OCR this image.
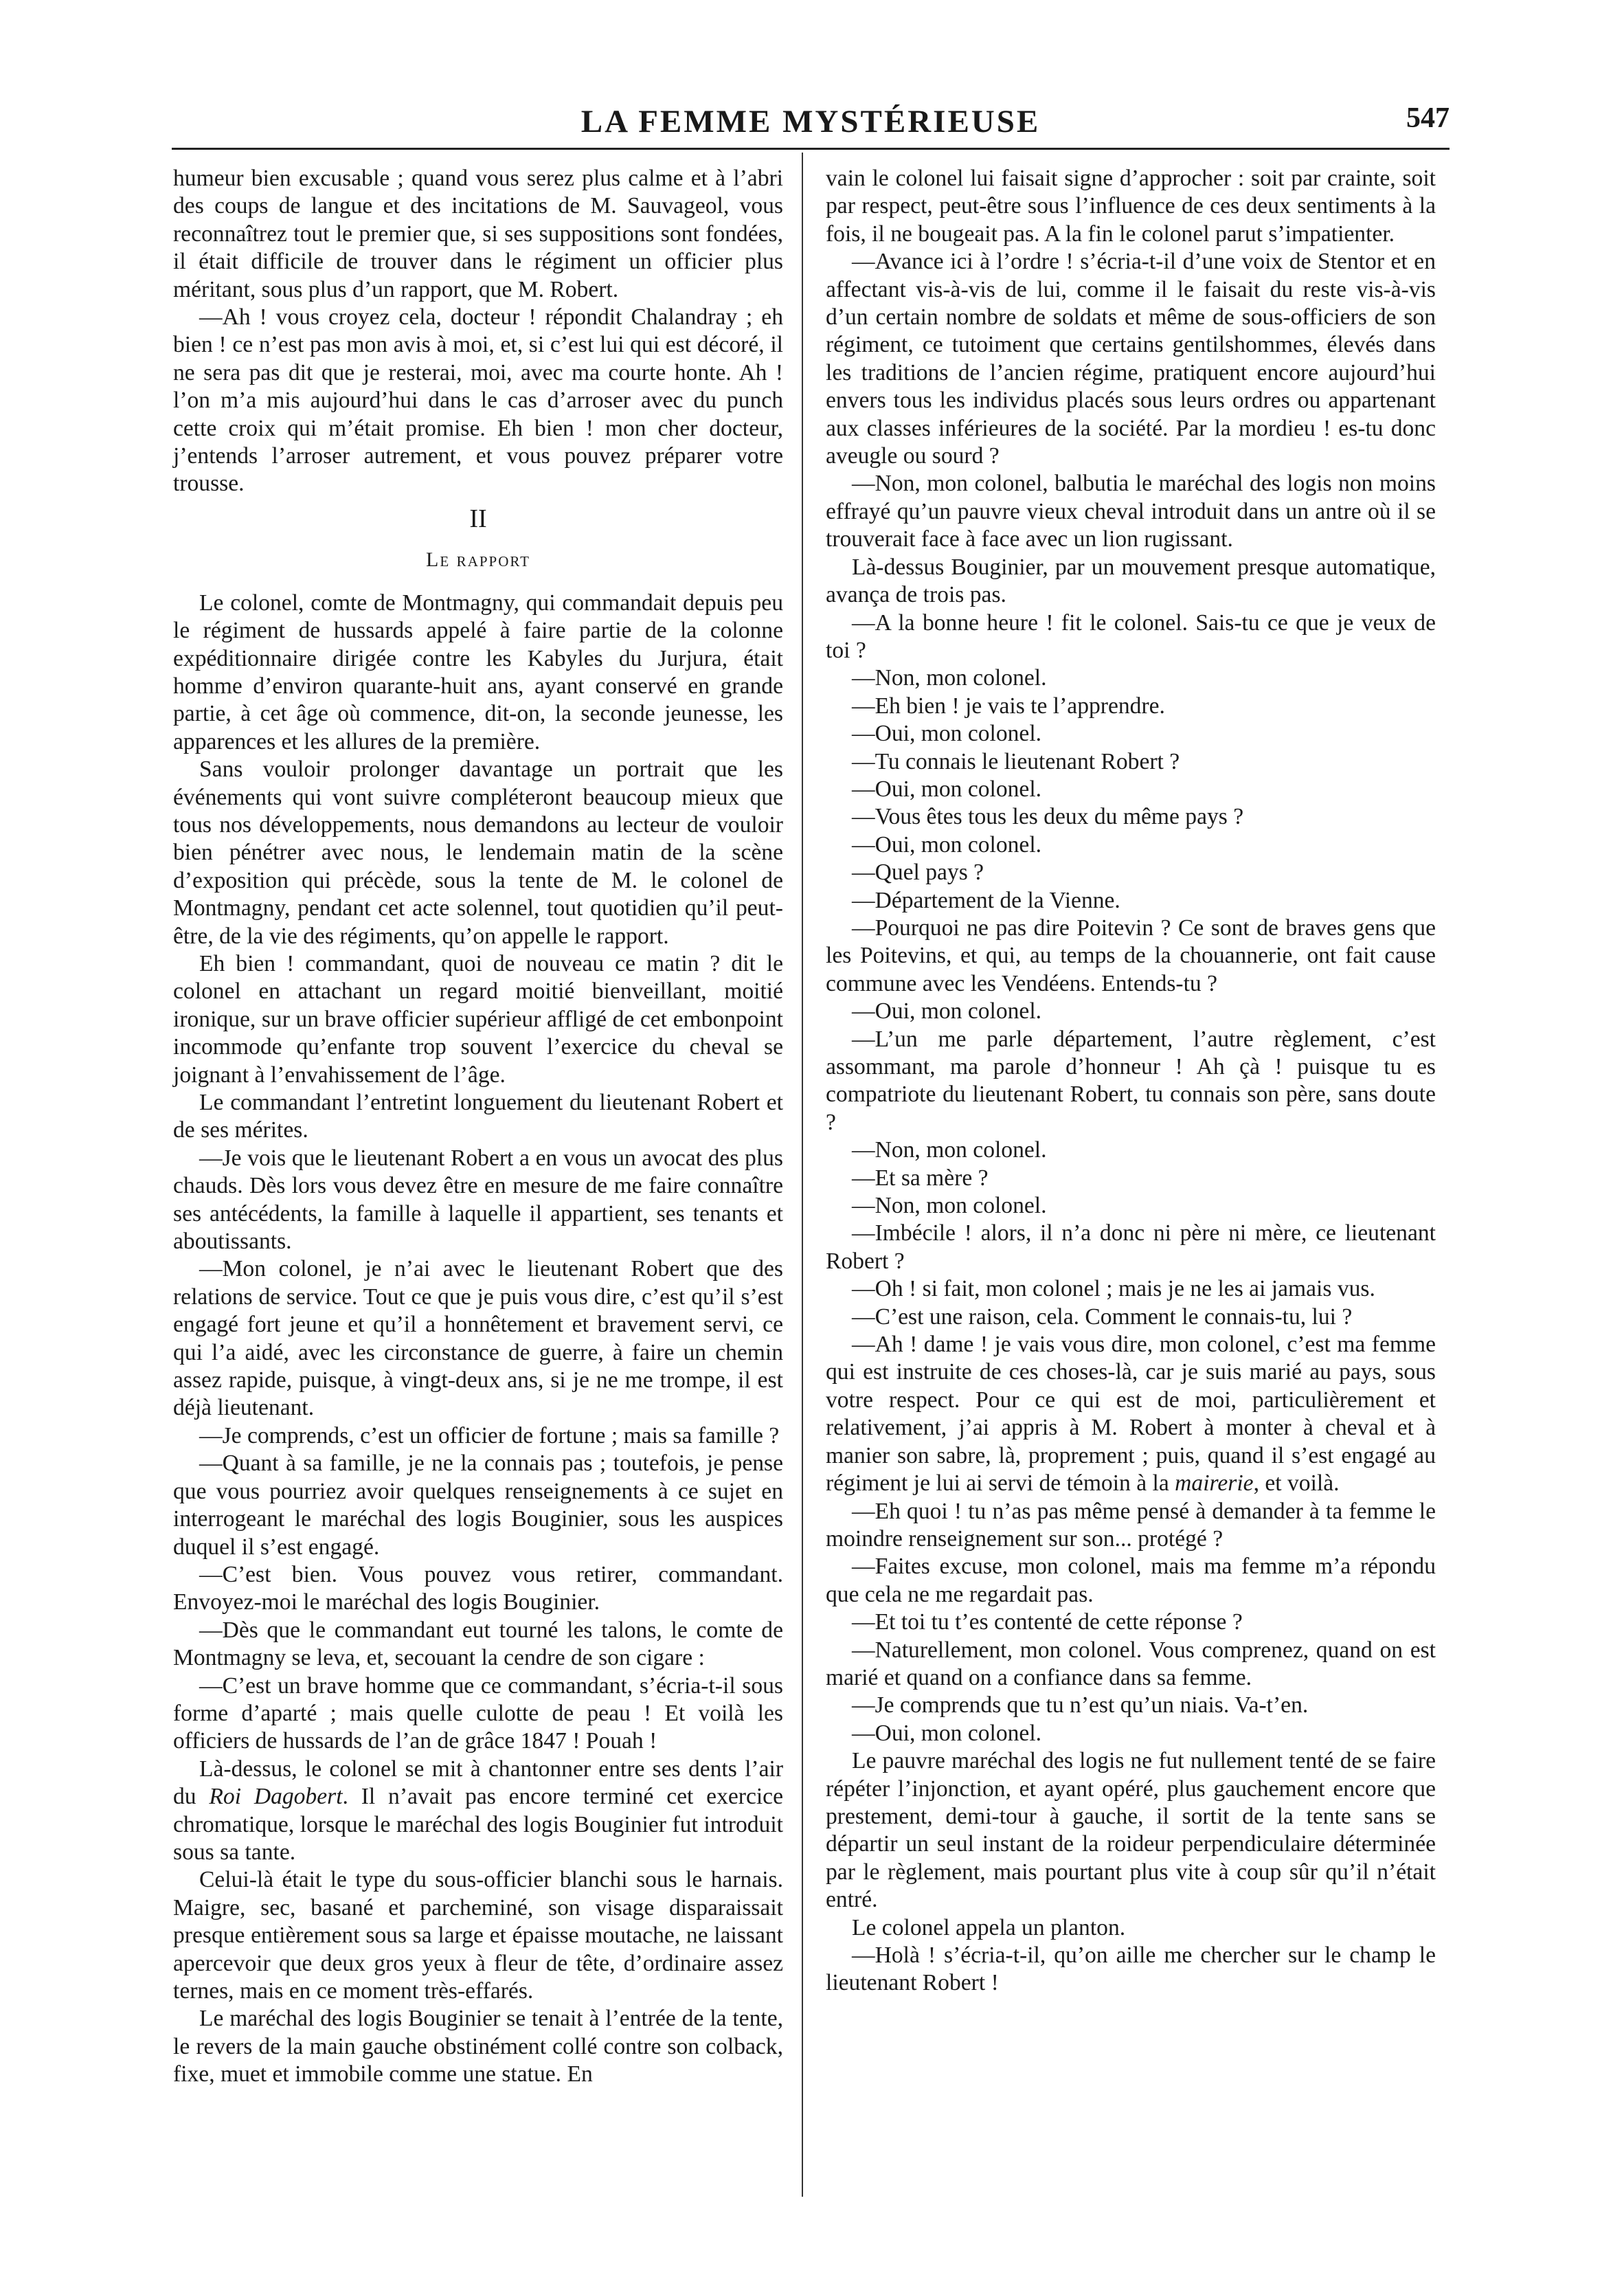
LA FEMME MYSTÉRIEUSE	547

humeur bien excusable ; quand vous serez plus calme et à l’abri des coups de langue et des incitations de M. Sauvageol, vous reconnaîtrez tout le premier que, si ses suppositions sont fondées, il était difficile de trouver dans le régiment un officier plus méritant, sous plus d’un rapport, que M. Robert.

—Ah ! vous croyez cela, docteur ! répondit Chalandray ; eh bien ! ce n’est pas mon avis à moi, et, si c’est lui qui est décoré, il ne sera pas dit que je resterai, moi, avec ma courte honte. Ah ! l’on m’a mis aujourd’hui dans le cas d’arroser avec du punch cette croix qui m’était promise. Eh bien ! mon cher docteur, j’entends l’arroser autrement, et vous pouvez préparer votre trousse.

II
Le rapport

Le colonel, comte de Montmagny, qui commandait depuis peu le régiment de hussards appelé à faire partie de la colonne expéditionnaire dirigée contre les Kabyles du Jurjura, était homme d’environ quarante-huit ans, ayant conservé en grande partie, à cet âge où commence, dit-on, la seconde jeunesse, les apparences et les allures de la première.

Sans vouloir prolonger davantage un portrait que les événements qui vont suivre compléteront beaucoup mieux que tous nos développements, nous demandons au lecteur de vouloir bien pénétrer avec nous, le lendemain matin de la scène d’exposition qui précède, sous la tente de M. le colonel de Montmagny, pendant cet acte solennel, tout quotidien qu’il peut-être, de la vie des régiments, qu’on appelle le rapport.

Eh bien ! commandant, quoi de nouveau ce matin ? dit le colonel en attachant un regard moitié bienveillant, moitié ironique, sur un brave officier supérieur affligé de cet embonpoint incommode qu’enfante trop souvent l’exercice du cheval se joignant à l’envahissement de l’âge.

Le commandant l’entretint longuement du lieutenant Robert et de ses mérites.

—Je vois que le lieutenant Robert a en vous un avocat des plus chauds. Dès lors vous devez être en mesure de me faire connaître ses antécédents, la famille à laquelle il appartient, ses tenants et aboutissants.

—Mon colonel, je n’ai avec le lieutenant Robert que des relations de service. Tout ce que je puis vous dire, c’est qu’il s’est engagé fort jeune et qu’il a honnêtement et bravement servi, ce qui l’a aidé, avec les circonstance de guerre, à faire un chemin assez rapide, puisque, à vingt-deux ans, si je ne me trompe, il est déjà lieutenant.

—Je comprends, c’est un officier de fortune ; mais sa famille ?

—Quant à sa famille, je ne la connais pas ; toutefois, je pense que vous pourriez avoir quelques renseignements à ce sujet en interrogeant le maréchal des logis Bouginier, sous les auspices duquel il s’est engagé.

—C’est bien. Vous pouvez vous retirer, commandant. Envoyez-moi le maréchal des logis Bouginier.

—Dès que le commandant eut tourné les talons, le comte de Montmagny se leva, et, secouant la cendre de son cigare :

—C’est un brave homme que ce commandant, s’écria-t-il sous forme d’aparté ; mais quelle culotte de peau ! Et voilà les officiers de hussards de l’an de grâce 1847 ! Pouah !

Là-dessus, le colonel se mit à chantonner entre ses dents l’air du Roi Dagobert. Il n’avait pas encore terminé cet exercice chromatique, lorsque le maréchal des logis Bouginier fut introduit sous sa tante.

Celui-là était le type du sous-officier blanchi sous le harnais. Maigre, sec, basané et parcheminé, son visage disparaissait presque entièrement sous sa large et épaisse moutache, ne laissant apercevoir que deux gros yeux à fleur de tête, d’ordinaire assez ternes, mais en ce moment très-effarés.

Le maréchal des logis Bouginier se tenait à l’entrée de la tente, le revers de la main gauche obstinément collé contre son colback, fixe, muet et immobile comme une statue. En

vain le colonel lui faisait signe d’approcher : soit par crainte, soit par respect, peut-être sous l’influence de ces deux sentiments à la fois, il ne bougeait pas. A la fin le colonel parut s’impatienter.

—Avance ici à l’ordre ! s’écria-t-il d’une voix de Stentor et en affectant vis-à-vis de lui, comme il le faisait du reste vis-à-vis d’un certain nombre de soldats et même de sous-officiers de son régiment, ce tutoiment que certains gentilshommes, élevés dans les traditions de l’ancien régime, pratiquent encore aujourd’hui envers tous les individus placés sous leurs ordres ou appartenant aux classes inférieures de la société. Par la mordieu ! es-tu donc aveugle ou sourd ?

—Non, mon colonel, balbutia le maréchal des logis non moins effrayé qu’un pauvre vieux cheval introduit dans un antre où il se trouverait face à face avec un lion rugissant.

Là-dessus Bouginier, par un mouvement presque automatique, avança de trois pas.

—A la bonne heure ! fit le colonel. Sais-tu ce que je veux de toi ?

—Non, mon colonel.

—Eh bien ! je vais te l’apprendre.

—Oui, mon colonel.

—Tu connais le lieutenant Robert ?

—Oui, mon colonel.

—Vous êtes tous les deux du même pays ?

—Oui, mon colonel.

—Quel pays ?

—Département de la Vienne.

—Pourquoi ne pas dire Poitevin ? Ce sont de braves gens que les Poitevins, et qui, au temps de la chouannerie, ont fait cause commune avec les Vendéens. Entends-tu ?

—Oui, mon colonel.

—L’un me parle département, l’autre règlement, c’est assommant, ma parole d’honneur ! Ah çà ! puisque tu es compatriote du lieutenant Robert, tu connais son père, sans doute ?

—Non, mon colonel.

—Et sa mère ?

—Non, mon colonel.

—Imbécile ! alors, il n’a donc ni père ni mère, ce lieutenant Robert ?

—Oh ! si fait, mon colonel ; mais je ne les ai jamais vus.

—C’est une raison, cela. Comment le connais-tu, lui ?

—Ah ! dame ! je vais vous dire, mon colonel, c’est ma femme qui est instruite de ces choses-là, car je suis marié au pays, sous votre respect. Pour ce qui est de moi, particulièrement et relativement, j’ai appris à M. Robert à monter à cheval et à manier son sabre, là, proprement ; puis, quand il s’est engagé au régiment je lui ai servi de témoin à la mairerie, et voilà.

—Eh quoi ! tu n’as pas même pensé à demander à ta femme le moindre renseignement sur son... protégé ?

—Faites excuse, mon colonel, mais ma femme m’a répondu que cela ne me regardait pas.

—Et toi tu t’es contenté de cette réponse ?

—Naturellement, mon colonel. Vous comprenez, quand on est marié et quand on a confiance dans sa femme.

—Je comprends que tu n’est qu’un niais. Va-t’en.

—Oui, mon colonel.

Le pauvre maréchal des logis ne fut nullement tenté de se faire répéter l’injonction, et ayant opéré, plus gauchement encore que prestement, demi-tour à gauche, il sortit de la tente sans se départir un seul instant de la roideur perpendiculaire déterminée par le règlement, mais pourtant plus vite à coup sûr qu’il n’était entré.

Le colonel appela un planton.

—Holà ! s’écria-t-il, qu’on aille me chercher sur le champ le lieutenant Robert !
